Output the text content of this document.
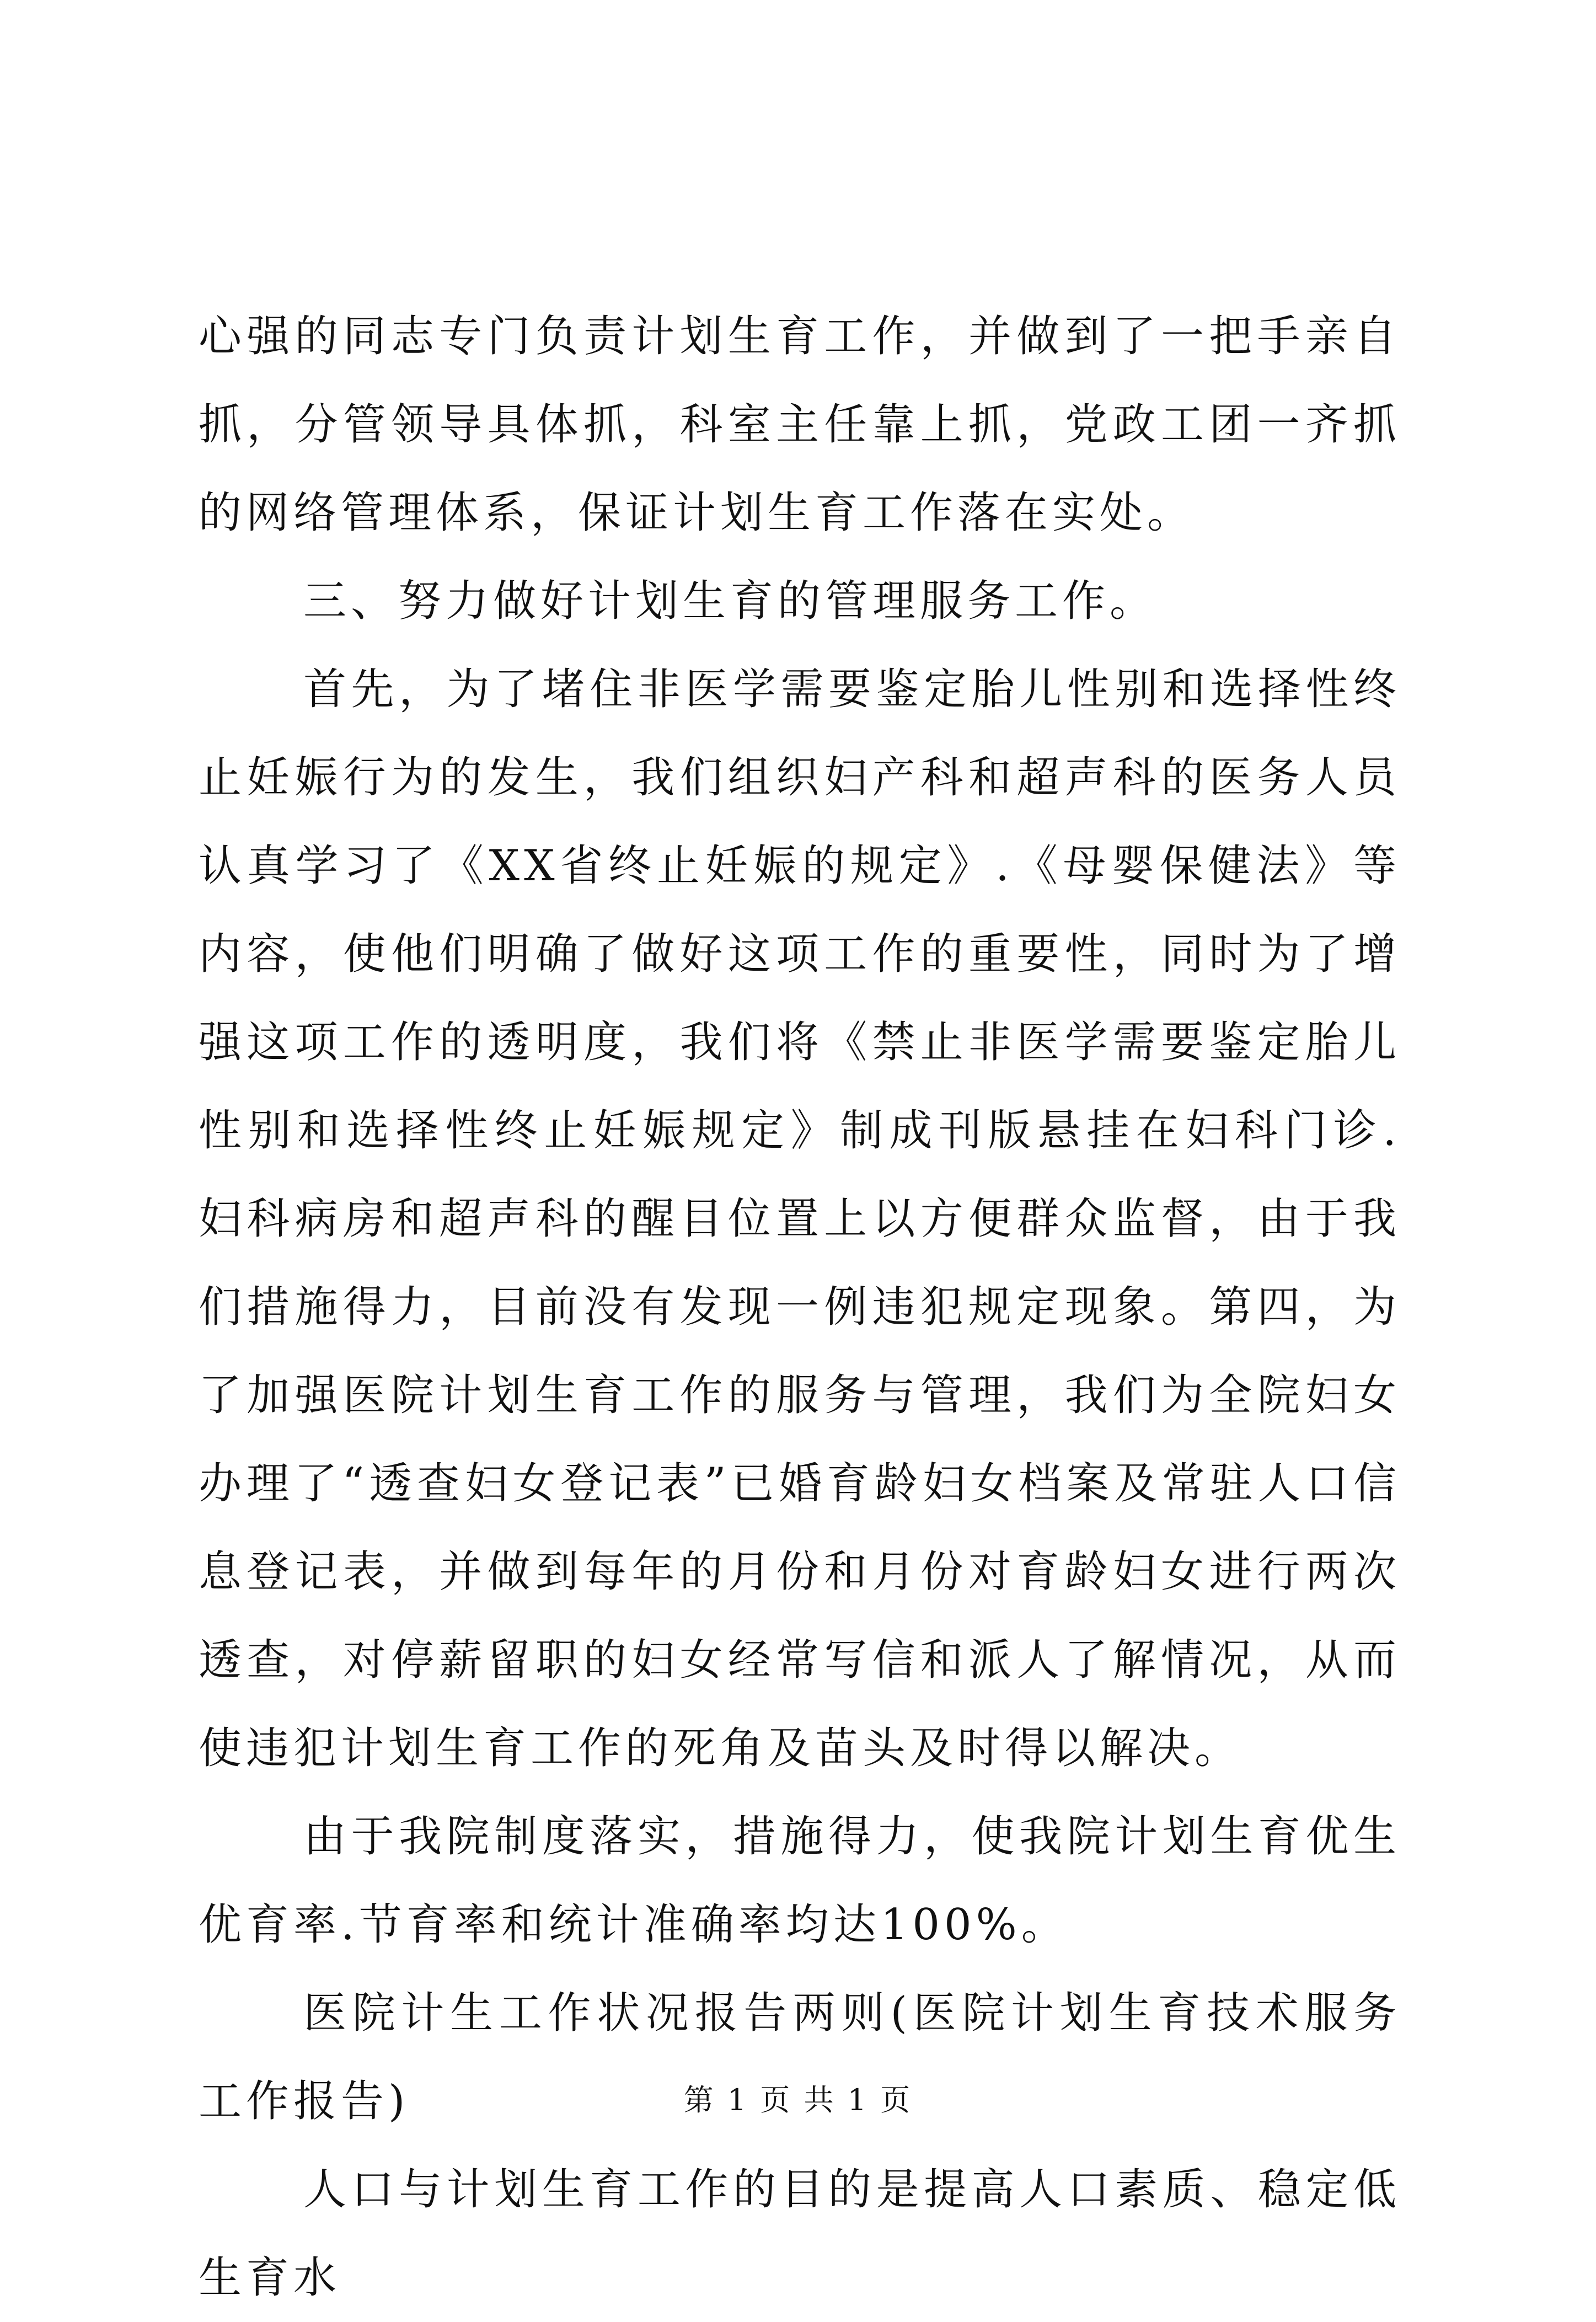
心强的同志专门负责计划生育工作，并做到了一把手亲自抓，分管领导具体抓，科室主任靠上抓，党政工团一齐抓的网络管理体系，保证计划生育工作落在实处。

三、努力做好计划生育的管理服务工作。

首先，为了堵住非医学需要鉴定胎儿性别和选择性终止妊娠行为的发生，我们组织妇产科和超声科的医务人员认真学习了《XX省终止妊娠的规定》.《母婴保健法》等内容，使他们明确了做好这项工作的重要性，同时为了增强这项工作的透明度，我们将《禁止非医学需要鉴定胎儿性别和选择性终止妊娠规定》制成刊版悬挂在妇科门诊.妇科病房和超声科的醒目位置上以方便群众监督，由于我们措施得力，目前没有发现一例违犯规定现象。第四，为了加强医院计划生育工作的服务与管理，我们为全院妇女办理了“透查妇女登记表”已婚育龄妇女档案及常驻人口信息登记表，并做到每年的月份和月份对育龄妇女进行两次透查，对停薪留职的妇女经常写信和派人了解情况，从而使违犯计划生育工作的死角及苗头及时得以解决。

由于我院制度落实，措施得力，使我院计划生育优生优育率.节育率和统计准确率均达100%。

医院计生工作状况报告两则(医院计划生育技术服务工作报告)

人口与计划生育工作的目的是提高人口素质、稳定低生育水

第 1 页 共 1 页
